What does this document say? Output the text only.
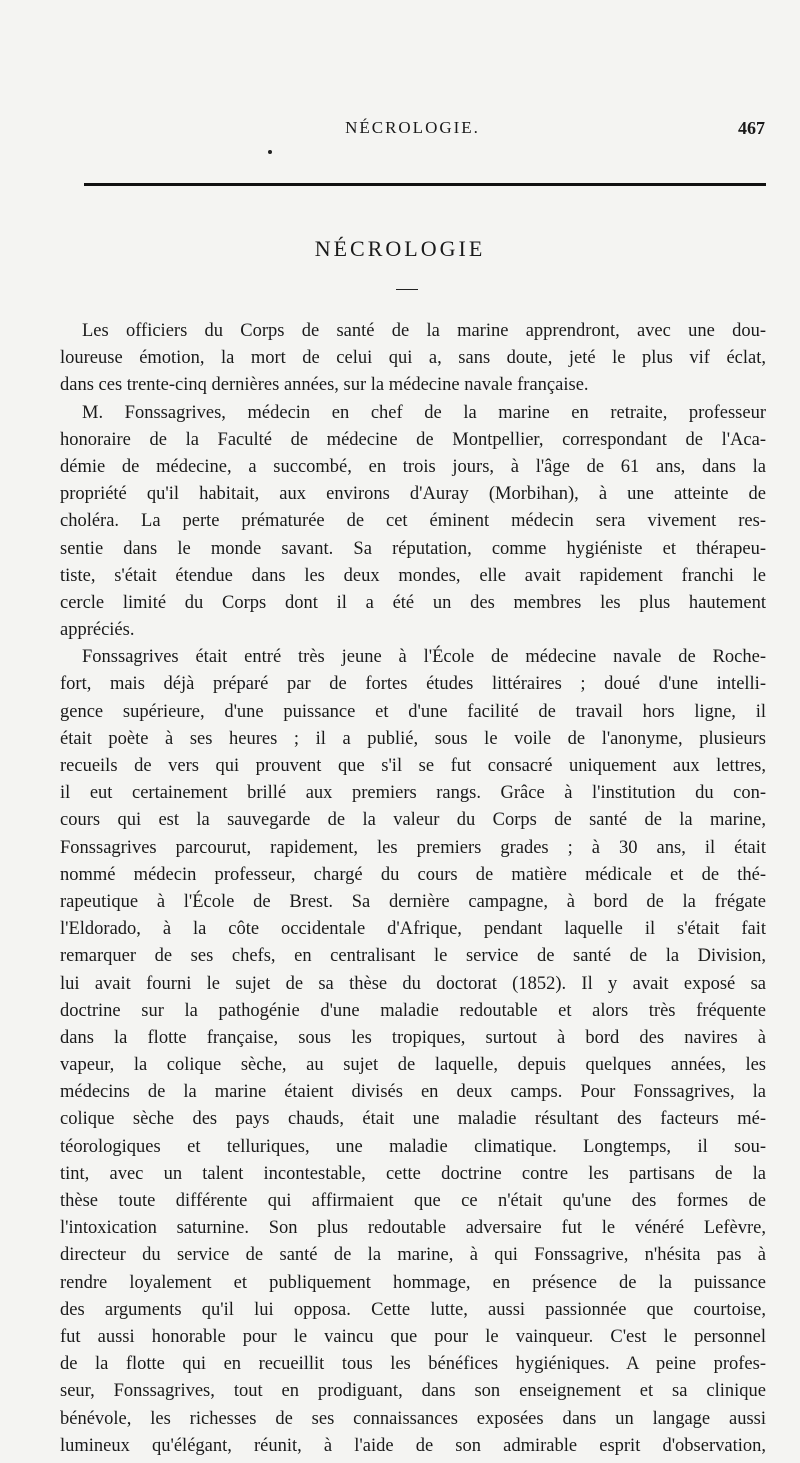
NÉCROLOGIE.	467
NÉCROLOGIE
Les officiers du Corps de santé de la marine apprendront, avec une dou-
loureuse émotion, la mort de celui qui a, sans doute, jeté le plus vif éclat,
dans ces trente-cinq dernières années, sur la médecine navale française.
M. Fonssagrives, médecin en chef de la marine en retraite, professeur
honoraire de la Faculté de médecine de Montpellier, correspondant de l'Aca-
démie de médecine, a succombé, en trois jours, à l'âge de 61 ans, dans la
propriété qu'il habitait, aux environs d'Auray (Morbihan), à une atteinte de
choléra. La perte prématurée de cet éminent médecin sera vivement res-
sentie dans le monde savant. Sa réputation, comme hygiéniste et thérapeu-
tiste, s'était étendue dans les deux mondes, elle avait rapidement franchi le
cercle limité du Corps dont il a été un des membres les plus hautement
appréciés.
Fonssagrives était entré très jeune à l'École de médecine navale de Roche-
fort, mais déjà préparé par de fortes études littéraires ; doué d'une intelli-
gence supérieure, d'une puissance et d'une facilité de travail hors ligne, il
était poète à ses heures ; il a publié, sous le voile de l'anonyme, plusieurs
recueils de vers qui prouvent que s'il se fut consacré uniquement aux lettres,
il eut certainement brillé aux premiers rangs. Grâce à l'institution du con-
cours qui est la sauvegarde de la valeur du Corps de santé de la marine,
Fonssagrives parcourut, rapidement, les premiers grades ; à 30 ans, il était
nommé médecin professeur, chargé du cours de matière médicale et de thé-
rapeutique à l'École de Brest. Sa dernière campagne, à bord de la frégate
l'Eldorado, à la côte occidentale d'Afrique, pendant laquelle il s'était fait
remarquer de ses chefs, en centralisant le service de santé de la Division,
lui avait fourni le sujet de sa thèse du doctorat (1852). Il y avait exposé sa
doctrine sur la pathogénie d'une maladie redoutable et alors très fréquente
dans la flotte française, sous les tropiques, surtout à bord des navires à
vapeur, la colique sèche, au sujet de laquelle, depuis quelques années, les
médecins de la marine étaient divisés en deux camps. Pour Fonssagrives, la
colique sèche des pays chauds, était une maladie résultant des facteurs mé-
téorologiques et telluriques, une maladie climatique. Longtemps, il sou-
tint, avec un talent incontestable, cette doctrine contre les partisans de la
thèse toute différente qui affirmaient que ce n'était qu'une des formes de
l'intoxication saturnine. Son plus redoutable adversaire fut le vénéré Lefèvre,
directeur du service de santé de la marine, à qui Fonssagrive, n'hésita pas à
rendre loyalement et publiquement hommage, en présence de la puissance
des arguments qu'il lui opposa. Cette lutte, aussi passionnée que courtoise,
fut aussi honorable pour le vaincu que pour le vainqueur. C'est le personnel
de la flotte qui en recueillit tous les bénéfices hygiéniques. A peine profes-
seur, Fonssagrives, tout en prodiguant, dans son enseignement et sa clinique
bénévole, les richesses de ses connaissances exposées dans un langage aussi
lumineux qu'élégant, réunit, à l'aide de son admirable esprit d'observation,
